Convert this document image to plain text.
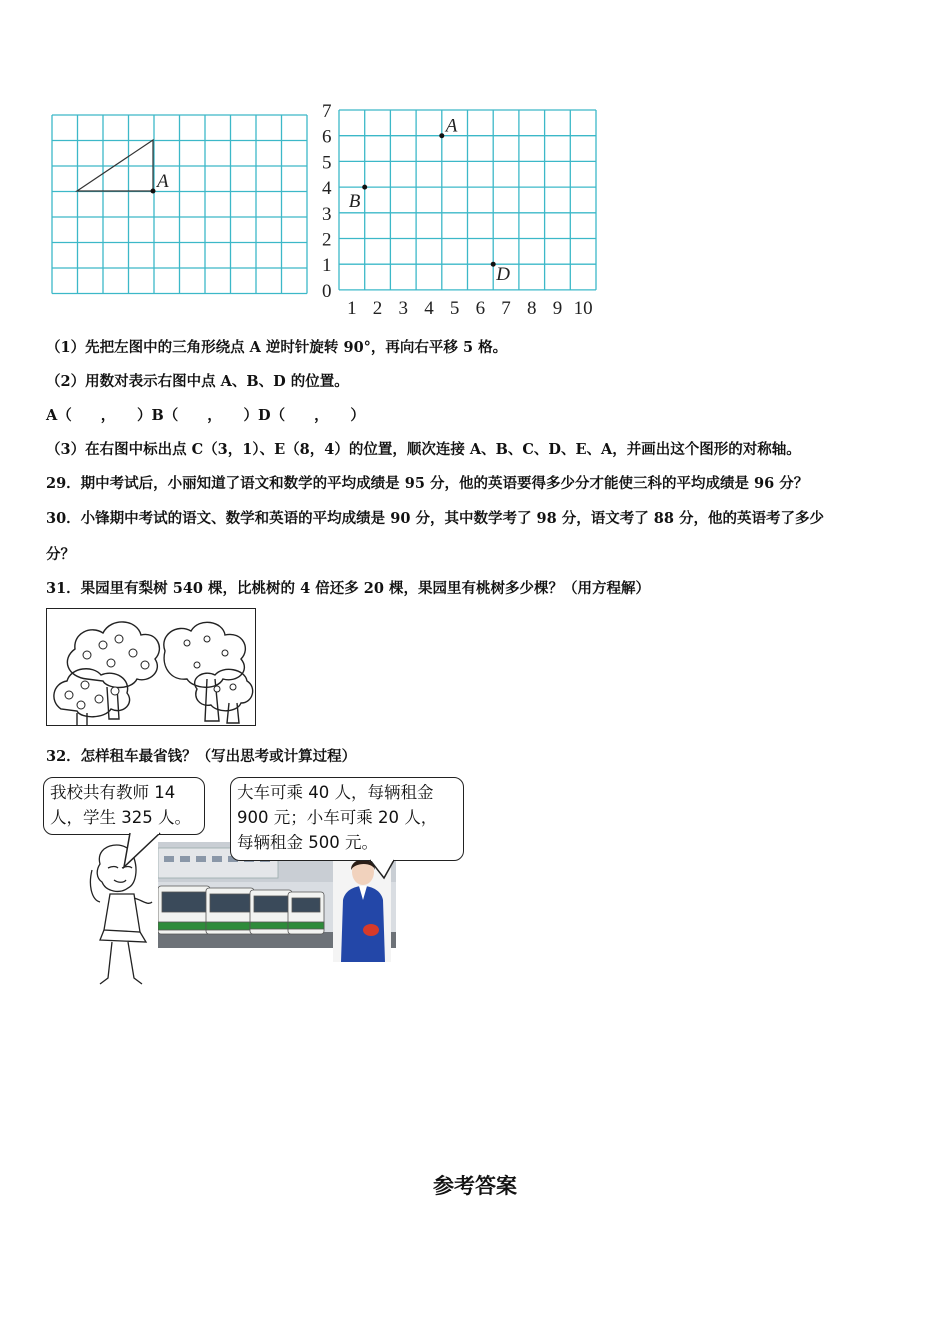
A
0
1
2
3
4
5
6
7
1 2 3 4 5 6 7 8 9 10
A
B
D
（1）先把左图中的三角形绕点 A 逆时针旋转 90°，再向右平移 5 格。
（2）用数对表示右图中点 A、B、D 的位置。
A（　　，　　）B（　　，　　）D（　　，　　）
（3）在右图中标出点 C（3，1）、E（8，4）的位置，顺次连接 A、B、C、D、E、A，并画出这个图形的对称轴。
29．期中考试后，小丽知道了语文和数学的平均成绩是 95 分，他的英语要得多少分才能使三科的平均成绩是 96 分？
30．小锋期中考试的语文、数学和英语的平均成绩是 90 分，其中数学考了 98 分，语文考了 88 分，他的英语考了多少
分？
31．果园里有梨树 540 棵，比桃树的 4 倍还多 20 棵，果园里有桃树多少棵？（用方程解）
32．怎样租车最省钱？（写出思考或计算过程）
我校共有教师 14
人，学生 325 人。
大车可乘 40 人，每辆租金
900 元；小车可乘 20 人，
每辆租金 500 元。
参考答案
